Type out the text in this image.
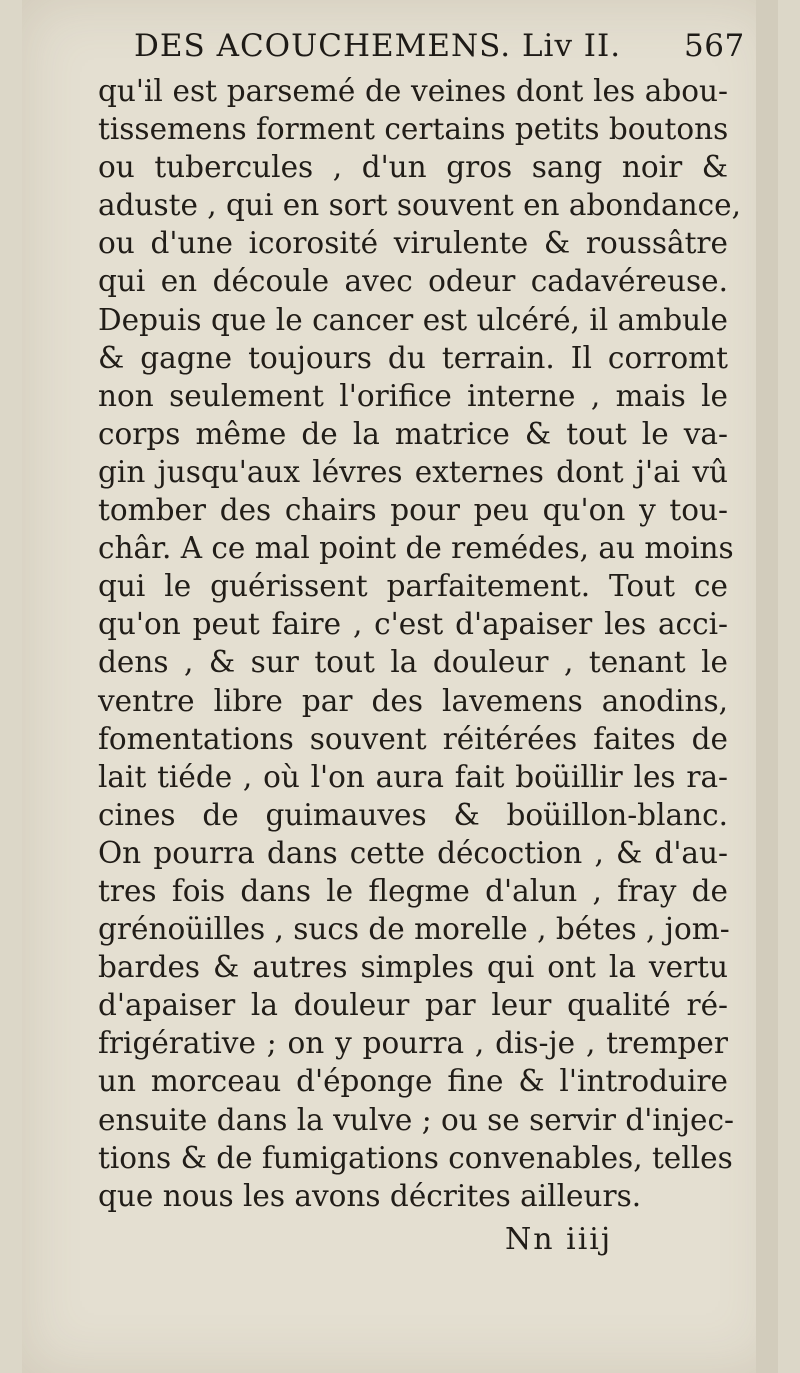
DES ACOUCHEMENS. Liv II. 567
qu'il est parsemé de veines dont les abou-
tissemens forment certains petits boutons
ou tubercules , d'un gros sang noir &
aduste , qui en sort souvent en abondance,
ou d'une icorosité virulente & roussâtre
qui en découle avec odeur cadavéreuse.
Depuis que le cancer est ulcéré, il ambule
& gagne toujours du terrain. Il corromt
non seulement l'orifice interne , mais le
corps même de la matrice & tout le va-
gin jusqu'aux lévres externes dont j'ai vû
tomber des chairs pour peu qu'on y tou-
châr. A ce mal point de remédes, au moins
qui le guérissent parfaitement. Tout ce
qu'on peut faire , c'est d'apaiser les acci-
dens , & sur tout la douleur , tenant le
ventre libre par des lavemens anodins,
fomentations souvent réitérées faites de
lait tiéde , où l'on aura fait boüillir les ra-
cines de guimauves & boüillon-blanc.
On pourra dans cette décoction , & d'au-
tres fois dans le flegme d'alun , fray de
grénoüilles , sucs de morelle , bétes , jom-
bardes & autres simples qui ont la vertu
d'apaiser la douleur par leur qualité ré-
frigérative ; on y pourra , dis-je , tremper
un morceau d'éponge fine & l'introduire
ensuite dans la vulve ; ou se servir d'injec-
tions & de fumigations convenables, telles
que nous les avons décrites ailleurs.
Nn iiij
